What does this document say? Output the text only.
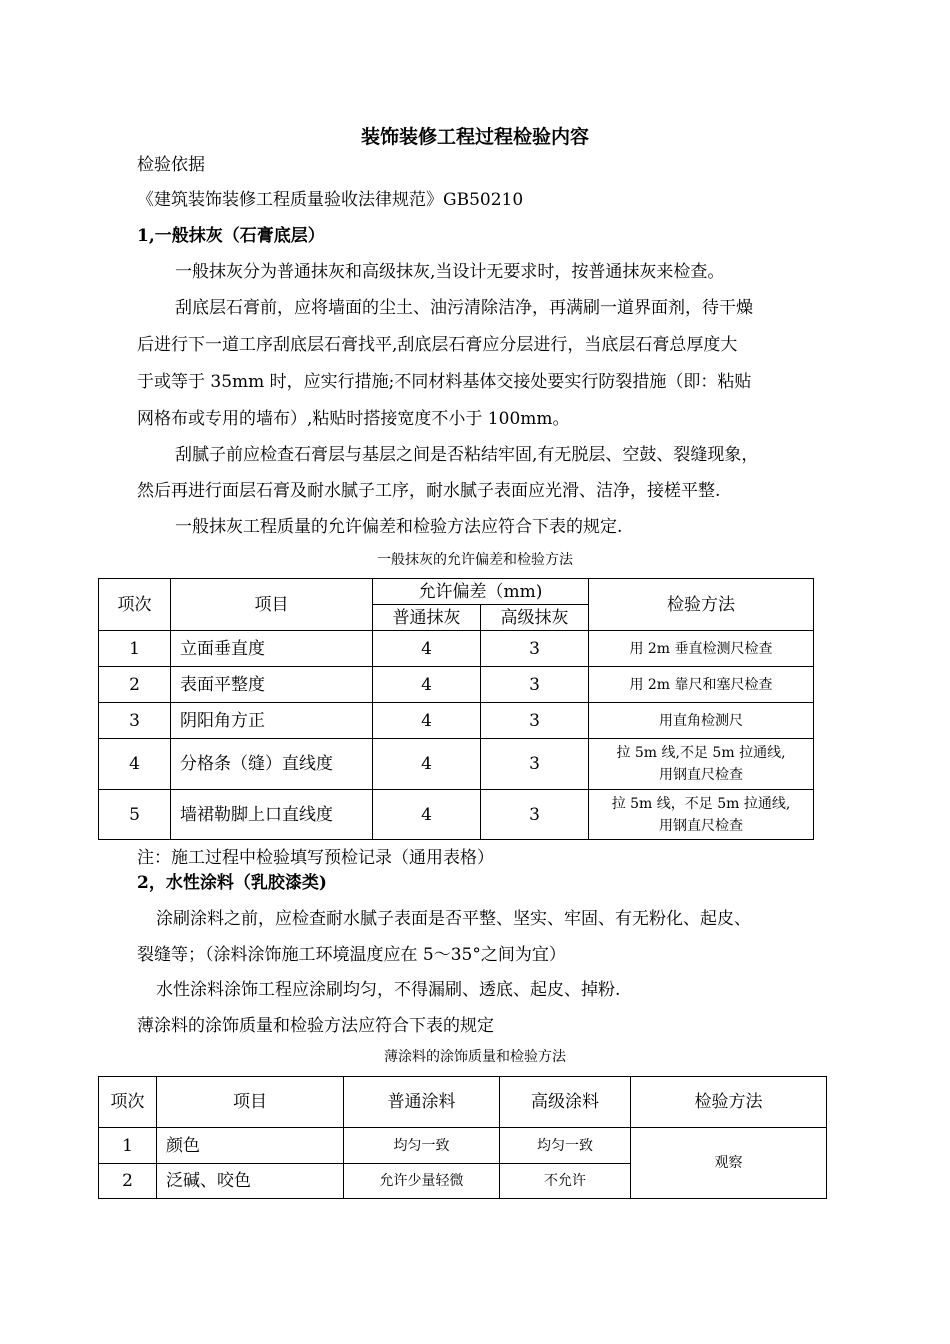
装饰装修工程过程检验内容
检验依据
《建筑装饰装修工程质量验收法律规范》GB50210
1,一般抹灰（石膏底层）
一般抹灰分为普通抹灰和高级抹灰,当设计无要求时，按普通抹灰来检查。
刮底层石膏前，应将墙面的尘土、油污清除洁净，再满刷一道界面剂，待干燥
后进行下一道工序刮底层石膏找平,刮底层石膏应分层进行，当底层石膏总厚度大
于或等于 35mm 时，应实行措施;不同材料基体交接处要实行防裂措施（即：粘贴
网格布或专用的墙布）,粘贴时搭接宽度不小于 100mm。
刮腻子前应检查石膏层与基层之间是否粘结牢固,有无脱层、空鼓、裂缝现象，
然后再进行面层石膏及耐水腻子工序，耐水腻子表面应光滑、洁净，接槎平整.
一般抹灰工程质量的允许偏差和检验方法应符合下表的规定.
一般抹灰的允许偏差和检验方法
项次	项目	允许偏差（mm)		检验方法
		普通抹灰	高级抹灰	
1	立面垂直度	4	3	用 2m 垂直检测尺检查
2	表面平整度	4	3	用 2m 靠尺和塞尺检查
3	阴阳角方正	4	3	用直角检测尺
4	分格条（缝）直线度	4	3	拉 5m 线,不足 5m 拉通线,
用钢直尺检查

5	墙裙勒脚上口直线度	4	3	拉 5m 线，不足 5m 拉通线,
用钢直尺检查
注：施工过程中检验填写预检记录（通用表格）
2，水性涂料（乳胶漆类)
涂刷涂料之前，应检查耐水腻子表面是否平整、坚实、牢固、有无粉化、起皮、
裂缝等；（涂料涂饰施工环境温度应在 5～35°之间为宜）
水性涂料涂饰工程应涂刷均匀，不得漏刷、透底、起皮、掉粉.
薄涂料的涂饰质量和检验方法应符合下表的规定
薄涂料的涂饰质量和检验方法
项次	项目	普通涂料	高级涂料	检验方法
1	颜色	均匀一致	均匀一致	观察
2	泛碱、咬色	允许少量轻微	不允许	
